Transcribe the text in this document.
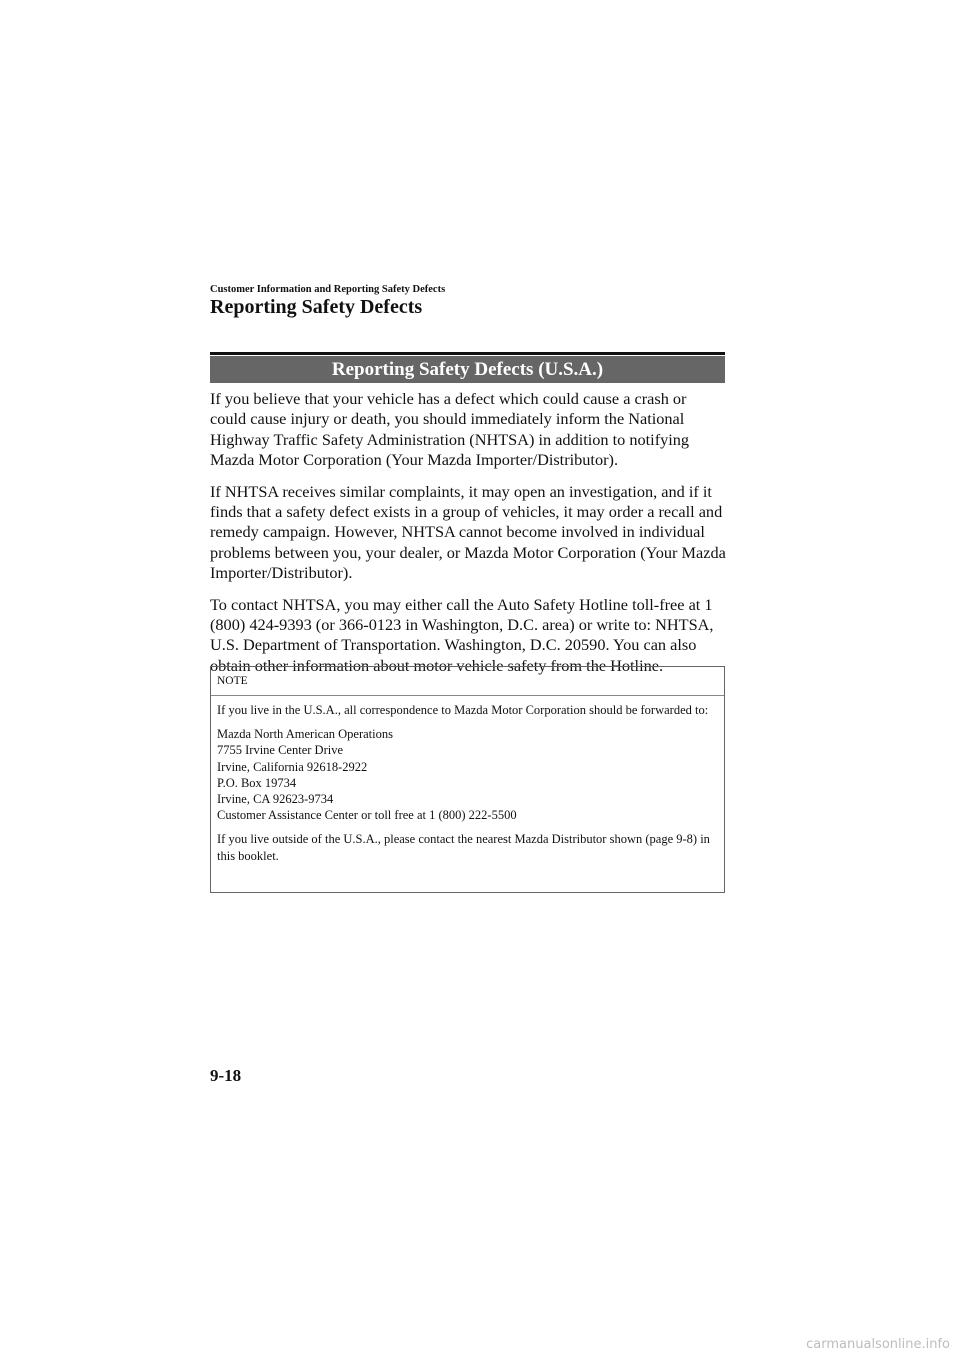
Customer Information and Reporting Safety Defects
Reporting Safety Defects
Reporting Safety Defects (U.S.A.)

If you believe that your vehicle has a defect which could cause a crash or could cause injury or death, you should immediately inform the National Highway Traffic Safety Administration (NHTSA) in addition to notifying Mazda Motor Corporation (Your Mazda Importer/Distributor).

If NHTSA receives similar complaints, it may open an investigation, and if it finds that a safety defect exists in a group of vehicles, it may order a recall and remedy campaign. However, NHTSA cannot become involved in individual problems between you, your dealer, or Mazda Motor Corporation (Your Mazda Importer/Distributor).

To contact NHTSA, you may either call the Auto Safety Hotline toll-free at 1 (800) 424-9393 (or 366-0123 in Washington, D.C. area) or write to: NHTSA, U.S. Department of Transportation. Washington, D.C. 20590. You can also obtain other information about motor vehicle safety from the Hotline.

NOTE

If you live in the U.S.A., all correspondence to Mazda Motor Corporation should be forwarded to:

Mazda North American Operations
7755 Irvine Center Drive
Irvine, California 92618-2922
P.O. Box 19734
Irvine, CA 92623-9734
Customer Assistance Center or toll free at 1 (800) 222-5500

If you live outside of the U.S.A., please contact the nearest Mazda Distributor shown (page 9-8) in this booklet.

9-18
carmanualsonline.info
